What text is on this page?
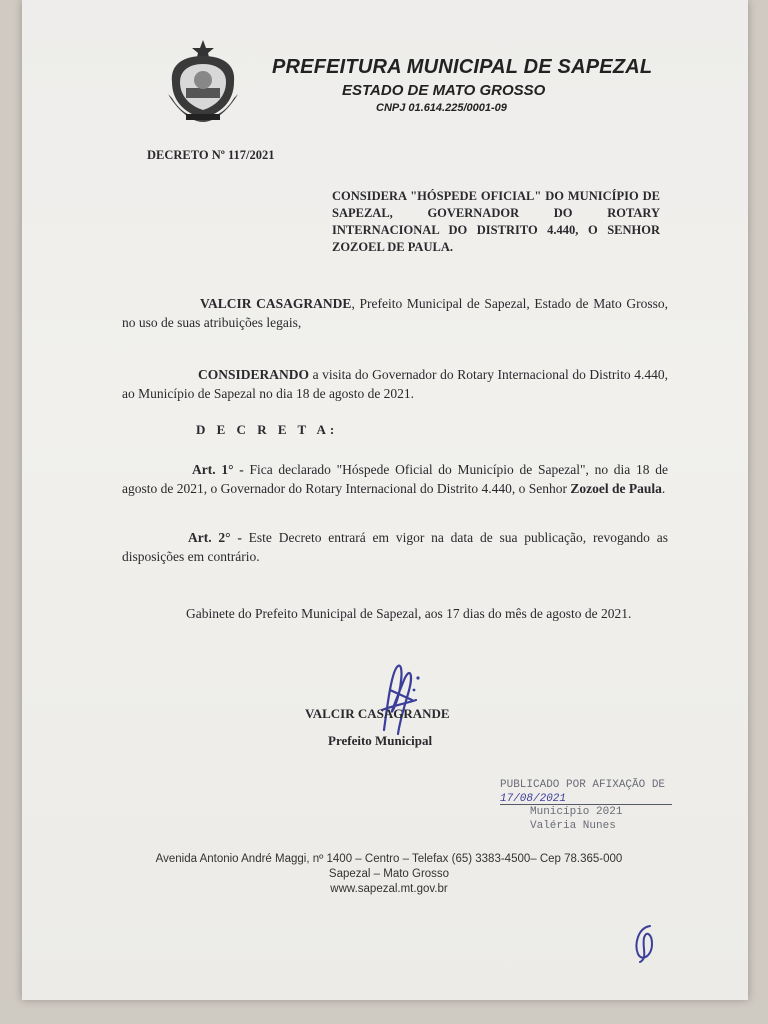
PREFEITURA MUNICIPAL DE SAPEZAL
ESTADO DE MATO GROSSO
CNPJ 01.614.225/0001-09
DECRETO Nº 117/2021
CONSIDERA "HÓSPEDE OFICIAL" DO MUNICÍPIO DE SAPEZAL, GOVERNADOR DO ROTARY INTERNACIONAL DO DISTRITO 4.440, O SENHOR ZOZOEL DE PAULA.
VALCIR CASAGRANDE, Prefeito Municipal de Sapezal, Estado de Mato Grosso, no uso de suas atribuições legais,
CONSIDERANDO a visita do Governador do Rotary Internacional do Distrito 4.440, ao Município de Sapezal no dia 18 de agosto de 2021.
D E C R E T A:
Art. 1° - Fica declarado "Hóspede Oficial do Município de Sapezal", no dia 18 de agosto de 2021, o Governador do Rotary Internacional do Distrito 4.440, o Senhor Zozoel de Paula.
Art. 2° - Este Decreto entrará em vigor na data de sua publicação, revogando as disposições em contrário.
Gabinete do Prefeito Municipal de Sapezal, aos 17 dias do mês de agosto de 2021.
VALCIR CASAGRANDE
Prefeito Municipal
PUBLICADO POR AFIXAÇÃO DE
17/08/2021
Município 2021
Valéria Nunes
Avenida Antonio André Maggi, nº 1400 – Centro – Telefax (65) 3383-4500– Cep 78.365-000
Sapezal – Mato Grosso
www.sapezal.mt.gov.br
